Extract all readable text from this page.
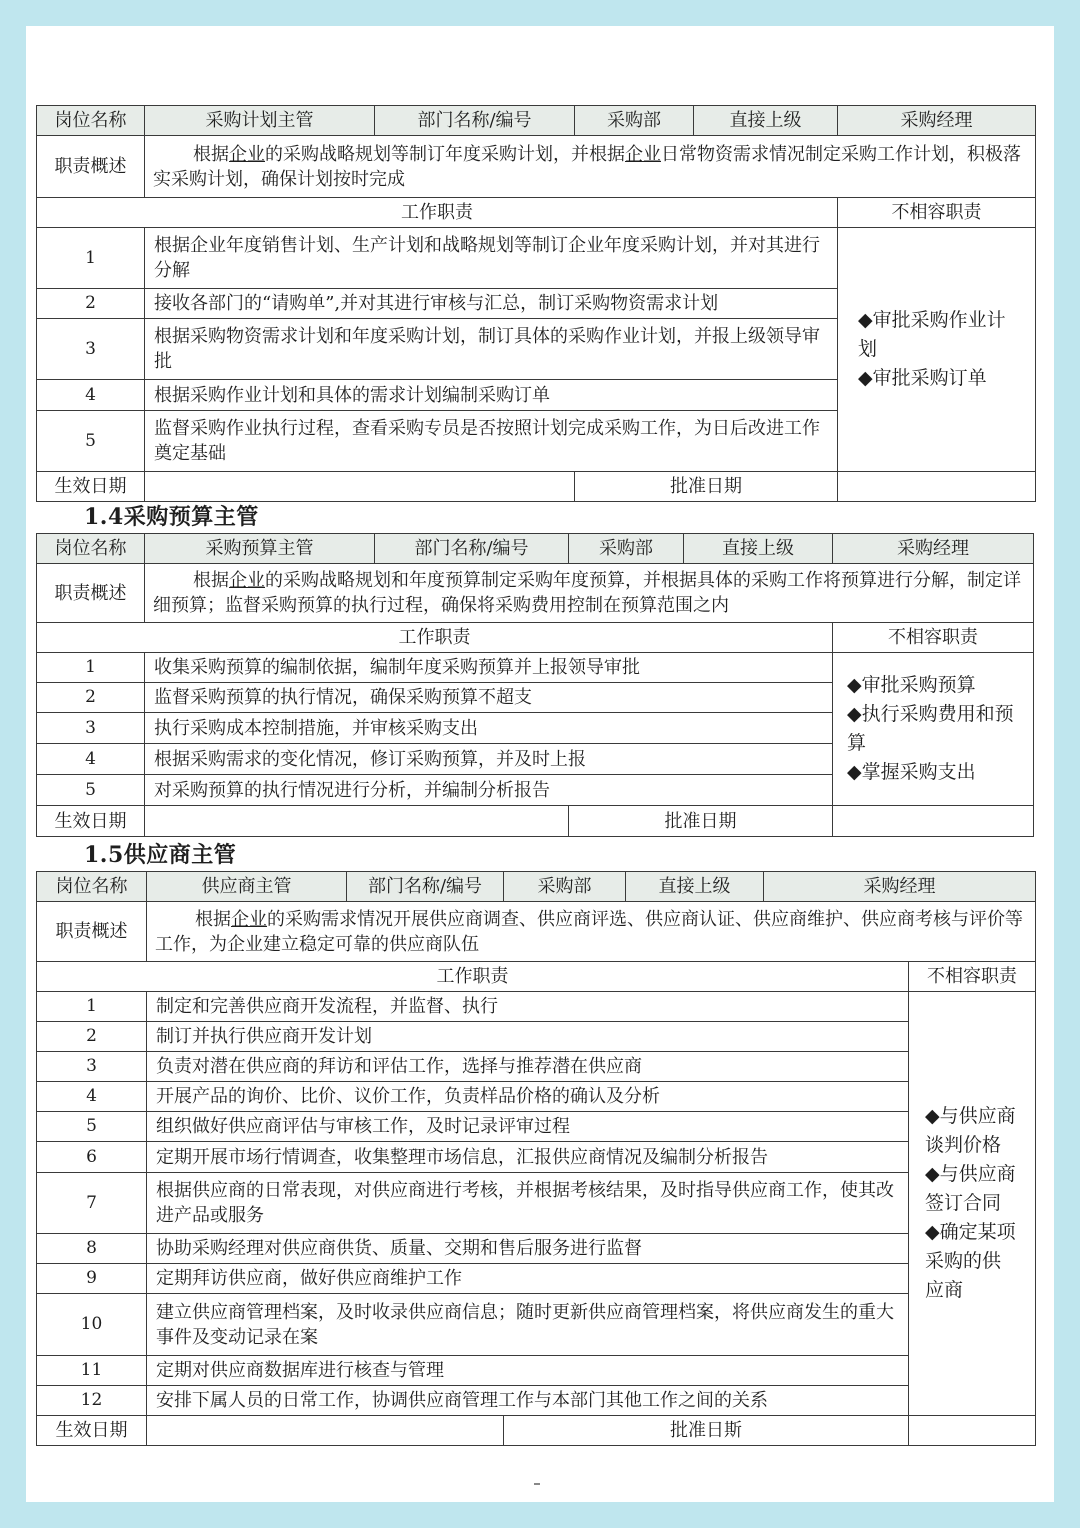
岗位名称	采购计划主管	部门名称/编号	采购部	直接上级	采购经理
职责概述	根据企业的采购战略规划等制订年度采购计划，并根据企业日常物资需求情况制定采购工作计划，积极落实采购计划，确保计划按时完成				
工作职责					不相容职责
1	根据企业年度销售计划、生产计划和战略规划等制订企业年度采购计划，并对其进行分解				◆审批采购作业计划
◆审批采购订单

2	接收各部门的“请购单”,并对其进行审核与汇总，制订采购物资需求计划				
3	根据采购物资需求计划和年度采购计划，制订具体的采购作业计划，并报上级领导审批				
4	根据采购作业计划和具体的需求计划编制采购订单				
5	监督采购作业执行过程，查看采购专员是否按照计划完成采购工作，为日后改进工作奠定基础				
生效日期			批准日期		
1.4采购预算主管
岗位名称	采购预算主管	部门名称/编号	采购部	直接上级	采购经理
职责概述	根据企业的采购战略规划和年度预算制定采购年度预算，并根据具体的采购工作将预算进行分解，制定详细预算；监督采购预算的执行过程，确保将采购费用控制在预算范围之内				
工作职责					不相容职责
1	收集采购预算的编制依据，编制年度采购预算并上报领导审批				◆审批采购预算
◆执行采购费用和预算
◆掌握采购支出

2	监督采购预算的执行情况，确保采购预算不超支				
3	执行采购成本控制措施，并审核采购支出				
4	根据采购需求的变化情况，修订采购预算，并及时上报				
5	对采购预算的执行情况进行分析，并编制分析报告				
生效日期			批准日期		
1.5供应商主管
岗位名称	供应商主管	部门名称/编号	采购部	直接上级	采购经理	
职责概述	根据企业的采购需求情况开展供应商调查、供应商评选、供应商认证、供应商维护、供应商考核与评价等工作，为企业建立稳定可靠的供应商队伍					
工作职责						不相容职责
1	制定和完善供应商开发流程，并监督、执行					◆与供应商谈判价格
◆与供应商签订合同
◆确定某项采购的供应商

2	制订并执行供应商开发计划					
3	负责对潜在供应商的拜访和评估工作，选择与推荐潜在供应商					
4	开展产品的询价、比价、议价工作，负责样品价格的确认及分析					
5	组织做好供应商评估与审核工作，及时记录评审过程					
6	定期开展市场行情调查，收集整理市场信息，汇报供应商情况及编制分析报告					
7	根据供应商的日常表现，对供应商进行考核，并根据考核结果，及时指导供应商工作，使其改进产品或服务					
8	协助采购经理对供应商供货、质量、交期和售后服务进行监督					
9	定期拜访供应商，做好供应商维护工作					
10	建立供应商管理档案，及时收录供应商信息；随时更新供应商管理档案，将供应商发生的重大事件及变动记录在案					
11	定期对供应商数据库进行核查与管理					
12	安排下属人员的日常工作，协调供应商管理工作与本部门其他工作之间的关系					
生效日期			批准日斯			
